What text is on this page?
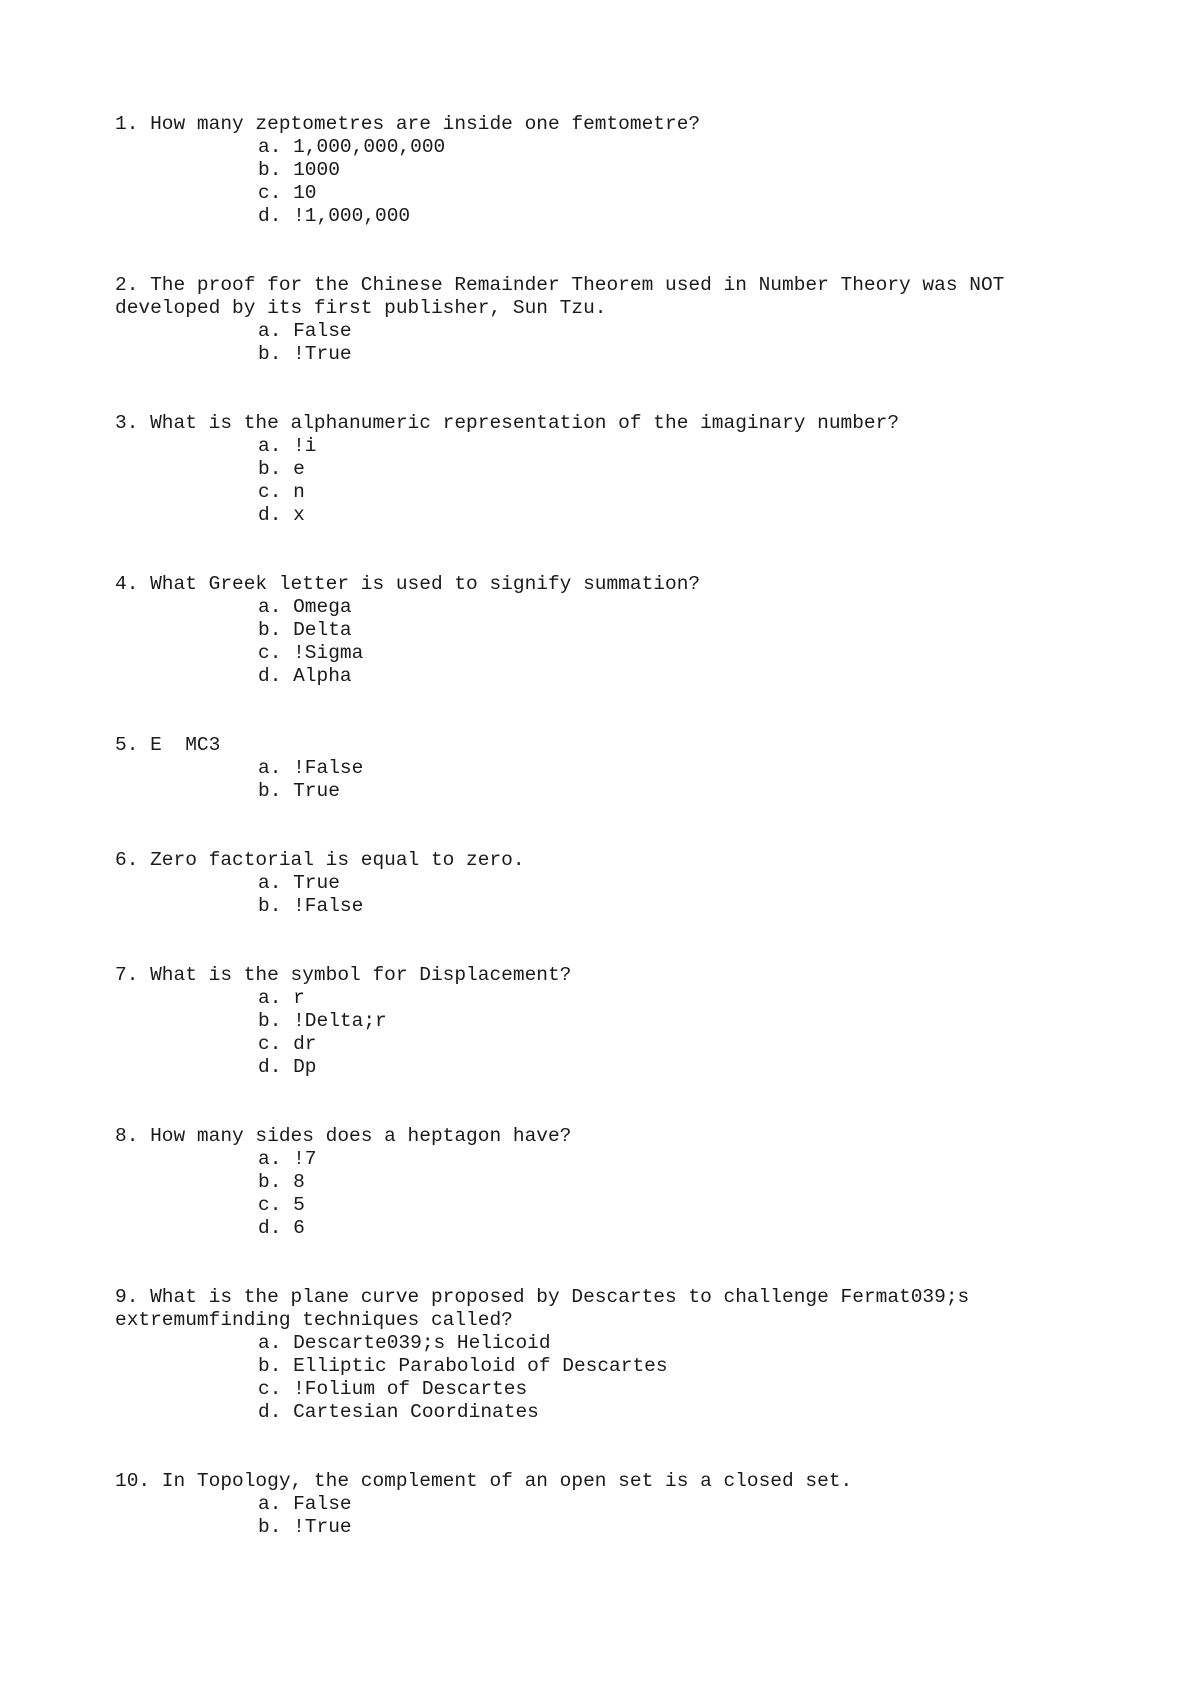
1. How many zeptometres are inside one femtometre?

a. 1,000,000,000
b. 1000
c. 10
d. !1,000,000

2. The proof for the Chinese Remainder Theorem used in Number Theory was NOT developed by its first publisher, Sun Tzu.

a. False
b. !True

3. What is the alphanumeric representation of the imaginary number?

a. !i
b. e
c. n
d. x

4. What Greek letter is used to signify summation?

a. Omega
b. Delta
c. !Sigma
d. Alpha

5. E  MC3

a. !False
b. True

6. Zero factorial is equal to zero.

a. True
b. !False

7. What is the symbol for Displacement?

a. r
b. !Delta;r
c. dr
d. Dp

8. How many sides does a heptagon have?

a. !7
b. 8
c. 5
d. 6

9. What is the plane curve proposed by Descartes to challenge Fermat039;s extremumfinding techniques called?

a. Descarte039;s Helicoid
b. Elliptic Paraboloid of Descartes
c. !Folium of Descartes
d. Cartesian Coordinates

10. In Topology, the complement of an open set is a closed set.

a. False
b. !True
